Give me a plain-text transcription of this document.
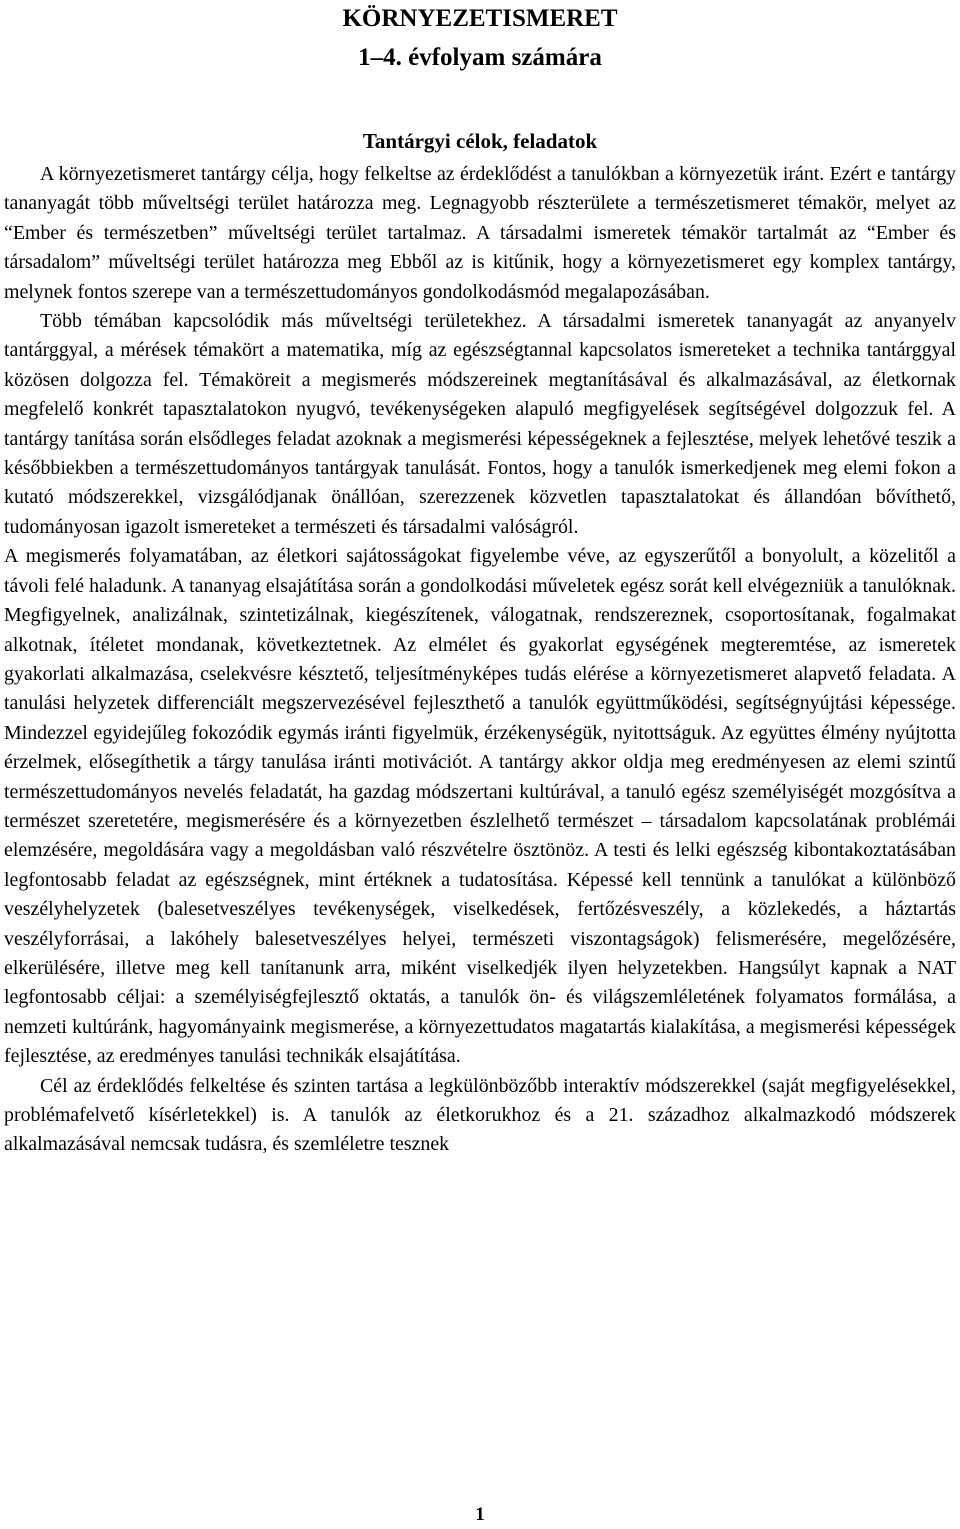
KÖRNYEZETISMERET
1–4. évfolyam számára
Tantárgyi célok, feladatok

A környezetismeret tantárgy célja, hogy felkeltse az érdeklődést a tanulókban a környezetük iránt. Ezért e tantárgy tananyagát több műveltségi terület határozza meg. Legnagyobb részterülete a természetismeret témakör, melyet az “Ember és természetben” műveltségi terület tartalmaz. A társadalmi ismeretek témakör tartalmát az “Ember és társadalom” műveltségi terület határozza meg Ebből az is kitűnik, hogy a környezetismeret egy komplex tantárgy, melynek fontos szerepe van a természettudományos gondolkodásmód megalapozásában.

Több témában kapcsolódik más műveltségi területekhez. A társadalmi ismeretek tananyagát az anyanyelv tantárggyal, a mérések témakört a matematika, míg az egészségtannal kapcsolatos ismereteket a technika tantárggyal közösen dolgozza fel. Témaköreit a megismerés módszereinek megtanításával és alkalmazásával, az életkornak megfelelő konkrét tapasztalatokon nyugvó, tevékenységeken alapuló megfigyelések segítségével dolgozzuk fel. A tantárgy tanítása során elsődleges feladat azoknak a megismerési képességeknek a fejlesztése, melyek lehetővé teszik a későbbiekben a természettudományos tantárgyak tanulását. Fontos, hogy a tanulók ismerkedjenek meg elemi fokon a kutató módszerekkel, vizsgálódjanak önállóan, szerezzenek közvetlen tapasztalatokat és állandóan bővíthető, tudományosan igazolt ismereteket a természeti és társadalmi valóságról.

A megismerés folyamatában, az életkori sajátosságokat figyelembe véve, az egyszerűtől a bonyolult, a közelitől a távoli felé haladunk. A tananyag elsajátítása során a gondolkodási műveletek egész sorát kell elvégezniük a tanulóknak. Megfigyelnek, analizálnak, szintetizálnak, kiegészítenek, válogatnak, rendszereznek, csoportosítanak, fogalmakat alkotnak, ítéletet mondanak, következtetnek. Az elmélet és gyakorlat egységének megteremtése, az ismeretek gyakorlati alkalmazása, cselekvésre késztető, teljesítményképes tudás elérése a környezetismeret alapvető feladata. A tanulási helyzetek differenciált megszervezésével fejleszthető a tanulók együttműködési, segítségnyújtási képessége. Mindezzel egyidejűleg fokozódik egymás iránti figyelmük, érzékenységük, nyitottságuk. Az együttes élmény nyújtotta érzelmek, elősegíthetik a tárgy tanulása iránti motivációt. A tantárgy akkor oldja meg eredményesen az elemi szintű természettudományos nevelés feladatát, ha gazdag módszertani kultúrával, a tanuló egész személyiségét mozgósítva a természet szeretetére, megismerésére és a környezetben észlelhető természet – társadalom kapcsolatának problémái elemzésére, megoldására vagy a megoldásban való részvételre ösztönöz. A testi és lelki egészség kibontakoztatásában legfontosabb feladat az egészségnek, mint értéknek a tudatosítása. Képessé kell tennünk a tanulókat a különböző veszélyhelyzetek (balesetveszélyes tevékenységek, viselkedések, fertőzésveszély, a közlekedés, a háztartás veszélyforrásai, a lakóhely balesetveszélyes helyei, természeti viszontagságok) felismerésére, megelőzésére, elkerülésére, illetve meg kell tanítanunk arra, miként viselkedjék ilyen helyzetekben. Hangsúlyt kapnak a NAT legfontosabb céljai: a személyiségfejlesztő oktatás, a tanulók ön- és világszemléletének folyamatos formálása, a nemzeti kultúránk, hagyományaink megismerése, a környezettudatos magatartás kialakítása, a megismerési képességek fejlesztése, az eredményes tanulási technikák elsajátítása.

Cél az érdeklődés felkeltése és szinten tartása a legkülönbözőbb interaktív módszerekkel (saját megfigyelésekkel, problémafelvető kísérletekkel) is. A tanulók az életkorukhoz és a 21. századhoz alkalmazkodó módszerek alkalmazásával nemcsak tudásra, és szemléletre tesznek

1
